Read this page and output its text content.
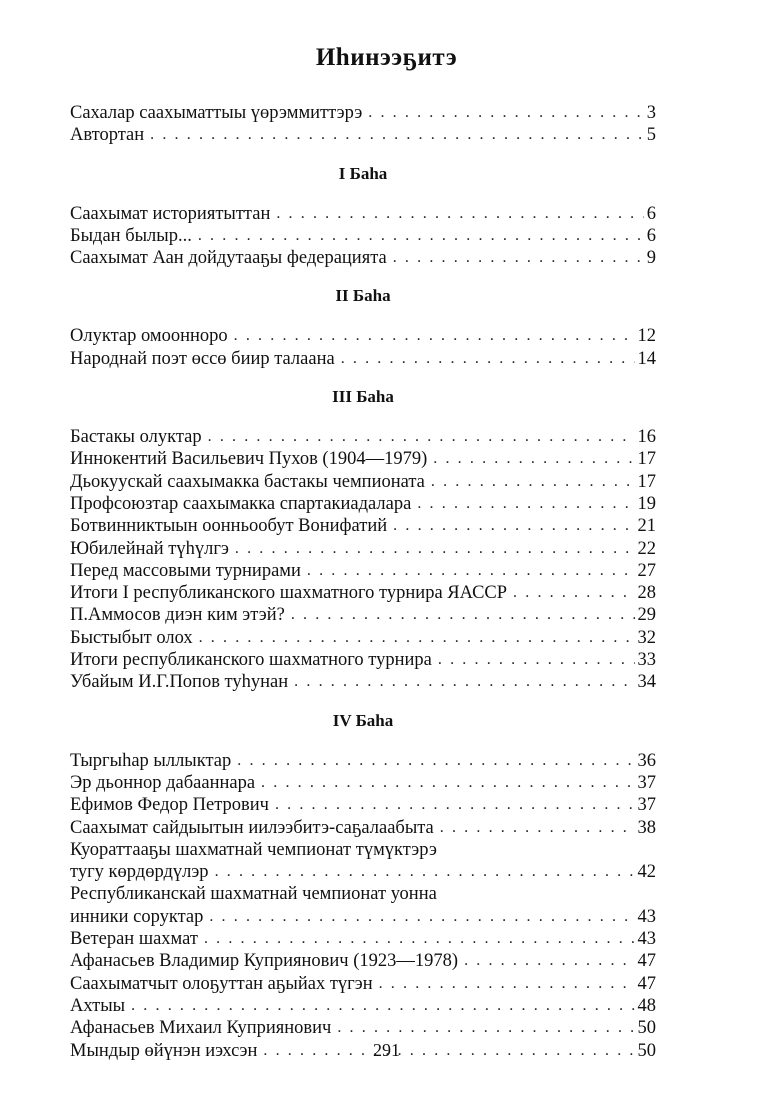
Иһинээҕитэ
Сахалар саахыматтыы үөрэммиттэрэ . . .	3
Автортан . . .	5
I Баһа
Саахымат историятыттан . . .	6
Быдан былыр... . . .	6
Саахымат Аан дойдутааҕы федерацията . . .	9
II Баһа
Олуктар омоонноро . . .	12
Народнай поэт өссө биир талаана . . .	14
III Баһа
Бастакы олуктар . . .	16
Иннокентий Васильевич Пухов (1904—1979) . . .	17
Дьокуускай саахымакка бастакы чемпионата . . .	17
Профсоюзтар саахымакка спартакиадалара . . .	19
Ботвинниктыын оонньообут Вонифатий . . .	21
Юбилейнай түһүлгэ . . .	22
Перед массовыми турнирами . . .	27
Итоги I республиканского шахматного турнира ЯАССР . . .	28
П.Аммосов диэн ким этэй? . . .	29
Быстыбыт олох . . .	32
Итоги республиканского шахматного турнира . . .	33
Убайым И.Г.Попов туһунан . . .	34
IV Баһа
Тыргыһар ыллыктар . . .	36
Эр дьоннор дабааннара . . .	37
Ефимов Федор Петрович . . .	37
Саахымат сайдыытын иилээбитэ-саҕалаабыта . . .	38
Куораттааҕы шахматнай чемпионат түмүктэрэ
тугу көрдөрдүлэр . . .	42
Республиканскай шахматнай чемпионат уонна
инники соруктар . . .	43
Ветеран шахмат . . .	43
Афанасьев Владимир Куприянович (1923—1978) . . .	47
Саахыматчыт олоҕуттан аҕыйах түгэн . . .	47
Ахтыы . . .	48
Афанасьев Михаил Куприянович . . .	50
Мындыр өйүнэн иэхсэн . . .	50
291
